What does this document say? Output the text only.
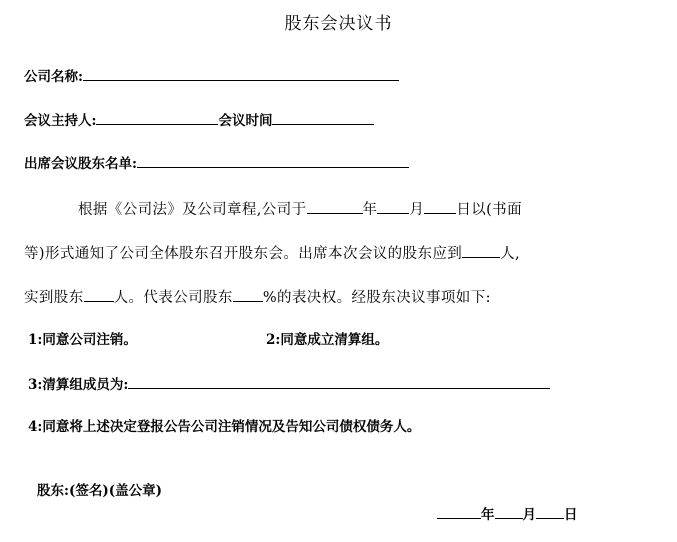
股东会决议书
公司名称:
会议主持人:	会议时间
出席会议股东名单:
根据《公司法》及公司章程,公司于	年 月 日以(书面
等)形式通知了公司全体股东召开股东会。出席本次会议的股东应到	人,
实到股东 人。代表公司股东 %的表决权。经股东决议事项如下:
1:同意公司注销。	2:同意成立清算组。
3:清算组成员为:
4:同意将上述决定登报公告公司注销情况及告知公司债权债务人。
股东:(签名)(盖公章)
年 月 日
